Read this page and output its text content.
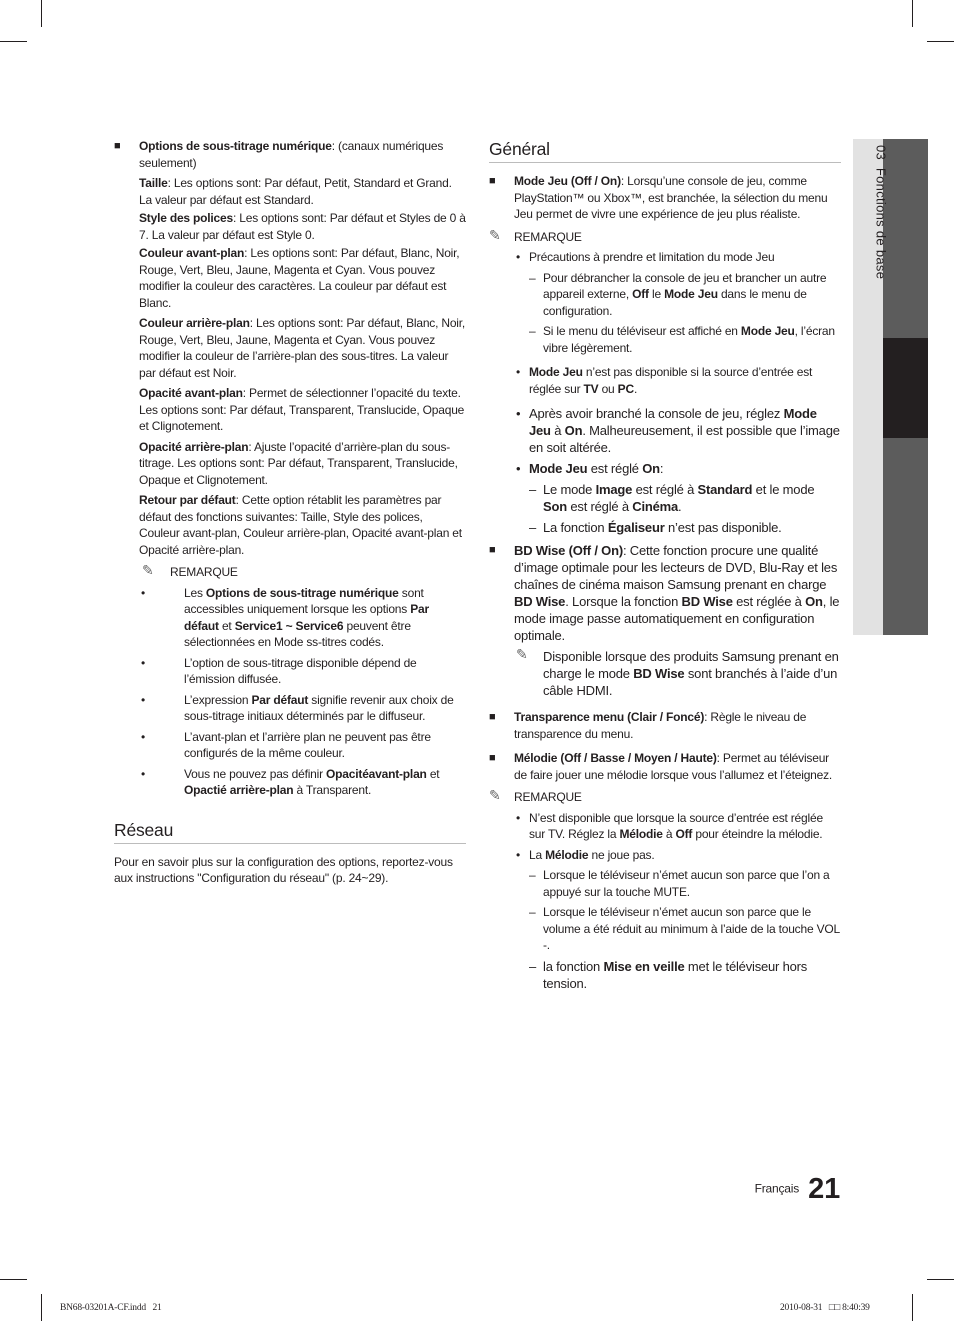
■ Options de sous-titrage numérique: (canaux numériques seulement)

Taille: Les options sont: Par défaut, Petit, Standard et Grand. La valeur par défaut est Standard.

Style des polices: Les options sont: Par défaut et Styles de 0 à 7. La valeur par défaut est Style 0.

Couleur avant-plan: Les options sont: Par défaut, Blanc, Noir, Rouge, Vert, Bleu, Jaune, Magenta et Cyan. Vous pouvez modifier la couleur des caractères. La couleur par défaut est Blanc.

Couleur arrière-plan: Les options sont: Par défaut, Blanc, Noir, Rouge, Vert, Bleu, Jaune, Magenta et Cyan. Vous pouvez modifier la couleur de l’arrière-plan des sous-titres. La valeur par défaut est Noir.

Opacité avant-plan: Permet de sélectionner l’opacité du texte. Les options sont: Par défaut, Transparent, Translucide, Opaque et Clignotement.

Opacité arrière-plan: Ajuste l’opacité d’arrière-plan du sous-titrage. Les options sont: Par défaut, Transparent, Translucide, Opaque et Clignotement.

Retour par défaut: Cette option rétablit les paramètres par défaut des fonctions suivantes: Taille, Style des polices, Couleur avant-plan, Couleur arrière-plan, Opacité avant-plan et Opacité arrière-plan.

✎ REMARQUE
• Les Options de sous-titrage numérique sont accessibles uniquement lorsque les options Par défaut et Service1 ~ Service6 peuvent être sélectionnées en Mode ss-titres codés.
• L’option de sous-titrage disponible dépend de l’émission diffusée.
• L’expression Par défaut signifie revenir aux choix de sous-titrage initiaux déterminés par le diffuseur.
• L’avant-plan et l’arrière plan ne peuvent pas être configurés de la même couleur.
• Vous ne pouvez pas définir Opacitéavant-plan et Opactié arrière-plan à Transparent.
Réseau

Pour en savoir plus sur la configuration des options, reportez-vous aux instructions "Configuration du réseau" (p. 24~29).

Général
■ Mode Jeu (Off / On): Lorsqu’une console de jeu, comme PlayStation™ ou Xbox™, est branchée, la sélection du menu Jeu permet de vivre une expérience de jeu plus réaliste.
✎ REMARQUE
• Précautions à prendre et limitation du mode Jeu
– Pour débrancher la console de jeu et brancher un autre appareil externe, Off le Mode Jeu dans le menu de configuration.
– Si le menu du téléviseur est affiché en Mode Jeu, l’écran vibre légèrement.
• Mode Jeu n’est pas disponible si la source d’entrée est réglée sur TV ou PC.
• Après avoir branché la console de jeu, réglez Mode Jeu à On. Malheureusement, il est possible que l’image en soit altérée.
• Mode Jeu est réglé On:
– Le mode Image est réglé à Standard et le mode Son est réglé à Cinéma.
– La fonction Égaliseur n’est pas disponible.
■ BD Wise (Off / On): Cette fonction procure une qualité d’image optimale pour les lecteurs de DVD, Blu-Ray et les chaînes de cinéma maison Samsung prenant en charge BD Wise. Lorsque la fonction BD Wise est réglée à On, le mode image passe automatiquement en configuration optimale.
✎ Disponible lorsque des produits Samsung prenant en charge le mode BD Wise sont branchés à l’aide d’un câble HDMI.
■ Transparence menu (Clair / Foncé): Règle le niveau de transparence du menu.
■ Mélodie (Off / Basse / Moyen / Haute): Permet au téléviseur de faire jouer une mélodie lorsque vous l’allumez et l’éteignez.
✎ REMARQUE
• N’est disponible que lorsque la source d’entrée est réglée sur TV. Réglez la Mélodie à Off pour éteindre la mélodie.
• La Mélodie ne joue pas.
– Lorsque le téléviseur n’émet aucun son parce que l’on a appuyé sur la touche MUTE.
– Lorsque le téléviseur n’émet aucun son parce que le volume a été réduit au minimum à l’aide de la touche VOL -.
– la fonction Mise en veille met le téléviseur hors tension.
03  Fonctions de base
Français 21
BN68-03201A-CF.indd   21	2010-08-31   □□ 8:40:39
